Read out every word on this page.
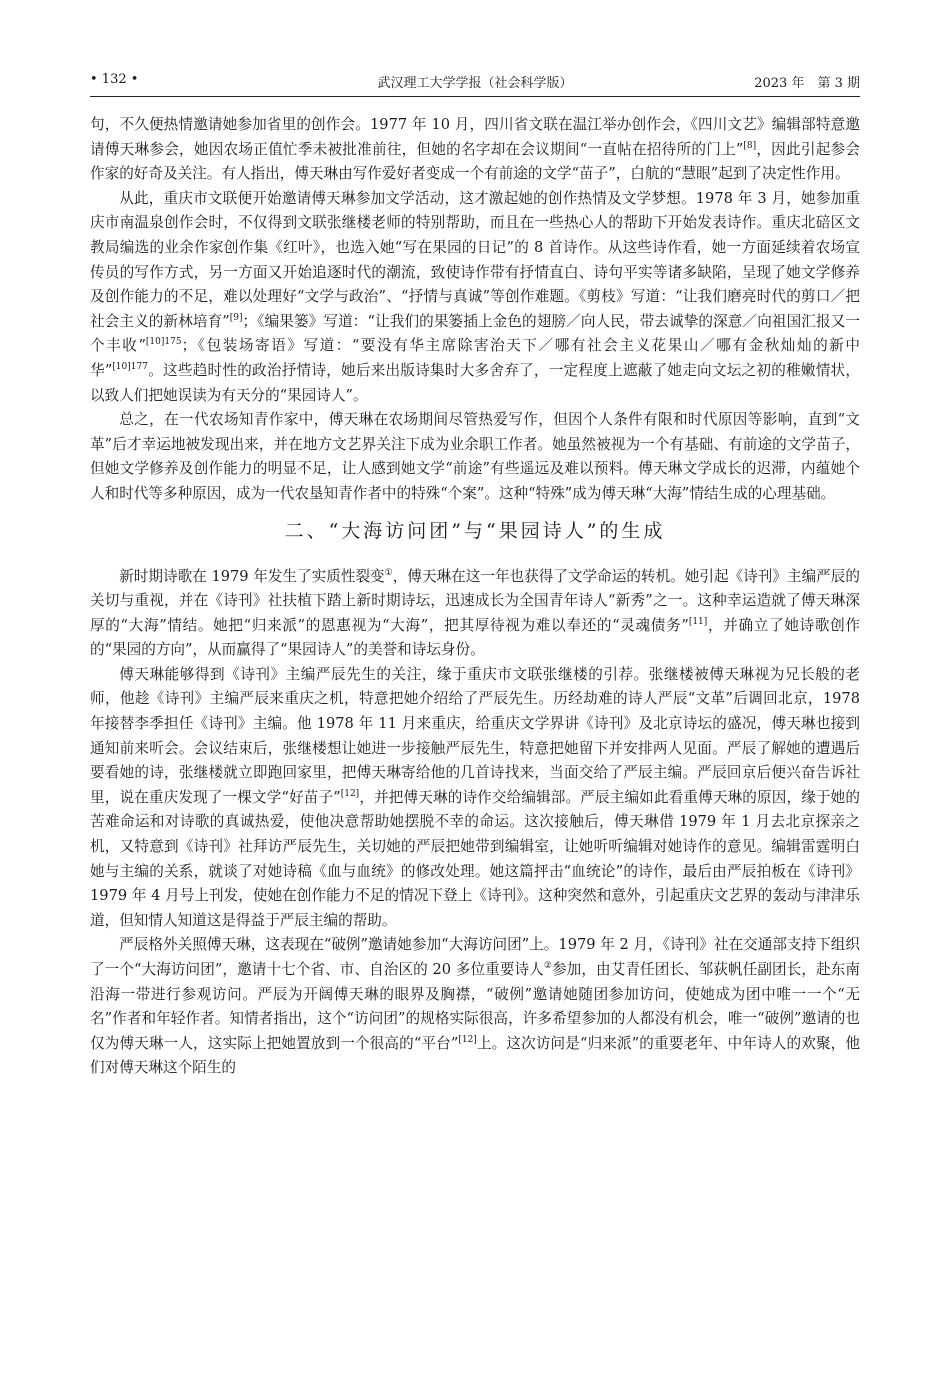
• 132 •	武汉理工大学学报（社会科学版）	2023 年　第 3 期

句，不久便热情邀请她参加省里的创作会。1977 年 10 月，四川省文联在温江举办创作会，《四川文艺》编辑部特意邀请傅天琳参会，她因农场正值忙季未被批准前往，但她的名字却在会议期间“一直帖在招待所的门上”[8]，因此引起参会作家的好奇及关注。有人指出，傅天琳由写作爱好者变成一个有前途的文学“苗子”，白航的“慧眼”起到了决定性作用。

从此，重庆市文联便开始邀请傅天琳参加文学活动，这才激起她的创作热情及文学梦想。1978 年 3 月，她参加重庆市南温泉创作会时，不仅得到文联张继楼老师的特别帮助，而且在一些热心人的帮助下开始发表诗作。重庆北碚区文教局编选的业余作家创作集《红叶》，也选入她“写在果园的日记”的 8 首诗作。从这些诗作看，她一方面延续着农场宣传员的写作方式，另一方面又开始追逐时代的潮流，致使诗作带有抒情直白、诗句平实等诸多缺陷，呈现了她文学修养及创作能力的不足，难以处理好“文学与政治”、“抒情与真诚”等创作难题。《剪枝》写道：“让我们磨亮时代的剪口／把社会主义的新林培育”[9]；《编果篓》写道：“让我们的果篓插上金色的翅膀／向人民，带去诚挚的深意／向祖国汇报又一个丰收”$^{[10]175}$；《包装场寄语》写道：“要没有华主席除害治天下／哪有社会主义花果山／哪有金秋灿灿的新中华”$^{[10]177}$。这些趋时性的政治抒情诗，她后来出版诗集时大多舍弃了，一定程度上遮蔽了她走向文坛之初的稚嫩情状，以致人们把她误读为有天分的“果园诗人”。

总之，在一代农场知青作家中，傅天琳在农场期间尽管热爱写作，但因个人条件有限和时代原因等影响，直到“文革”后才幸运地被发现出来，并在地方文艺界关注下成为业余职工作者。她虽然被视为一个有基础、有前途的文学苗子，但她文学修养及创作能力的明显不足，让人感到她文学“前途”有些遥远及难以预料。傅天琳文学成长的迟滞，内蕴她个人和时代等多种原因，成为一代农垦知青作者中的特殊“个案”。这种“特殊”成为傅天琳“大海”情结生成的心理基础。

二、“大海访问团”与“果园诗人”的生成

新时期诗歌在 1979 年发生了实质性裂变①，傅天琳在这一年也获得了文学命运的转机。她引起《诗刊》主编严辰的关切与重视，并在《诗刊》社扶植下踏上新时期诗坛，迅速成长为全国青年诗人“新秀”之一。这种幸运造就了傅天琳深厚的“大海”情结。她把“归来派”的恩惠视为“大海”，把其厚待视为难以奉还的“灵魂债务”[11]，并确立了她诗歌创作的“果园的方向”，从而赢得了“果园诗人”的美誉和诗坛身份。

傅天琳能够得到《诗刊》主编严辰先生的关注，缘于重庆市文联张继楼的引荐。张继楼被傅天琳视为兄长般的老师，他趁《诗刊》主编严辰来重庆之机，特意把她介绍给了严辰先生。历经劫难的诗人严辰“文革”后调回北京，1978 年接替李季担任《诗刊》主编。他 1978 年 11 月来重庆，给重庆文学界讲《诗刊》及北京诗坛的盛况，傅天琳也接到通知前来听会。会议结束后，张继楼想让她进一步接触严辰先生，特意把她留下并安排两人见面。严辰了解她的遭遇后要看她的诗，张继楼就立即跑回家里，把傅天琳寄给他的几首诗找来，当面交给了严辰主编。严辰回京后便兴奋告诉社里，说在重庆发现了一棵文学“好苗子”[12]，并把傅天琳的诗作交给编辑部。严辰主编如此看重傅天琳的原因，缘于她的苦难命运和对诗歌的真诚热爱，使他决意帮助她摆脱不幸的命运。这次接触后，傅天琳借 1979 年 1 月去北京探亲之机，又特意到《诗刊》社拜访严辰先生，关切她的严辰把她带到编辑室，让她听听编辑对她诗作的意见。编辑雷霆明白她与主编的关系，就谈了对她诗稿《血与血统》的修改处理。她这篇抨击“血统论”的诗作，最后由严辰拍板在《诗刊》1979 年 4 月号上刊发，使她在创作能力不足的情况下登上《诗刊》。这种突然和意外，引起重庆文艺界的轰动与津津乐道，但知情人知道这是得益于严辰主编的帮助。

严辰格外关照傅天琳，这表现在“破例”邀请她参加“大海访问团”上。1979 年 2 月，《诗刊》社在交通部支持下组织了一个“大海访问团”，邀请十七个省、市、自治区的 20 多位重要诗人②参加，由艾青任团长、邹荻帆任副团长，赴东南沿海一带进行参观访问。严辰为开阔傅天琳的眼界及胸襟，“破例”邀请她随团参加访问，使她成为团中唯一一个“无名”作者和年轻作者。知情者指出，这个“访问团”的规格实际很高，许多希望参加的人都没有机会，唯一“破例”邀请的也仅为傅天琳一人，这实际上把她置放到一个很高的“平台”[12]上。这次访问是“归来派”的重要老年、中年诗人的欢聚，他们对傅天琳这个陌生的
